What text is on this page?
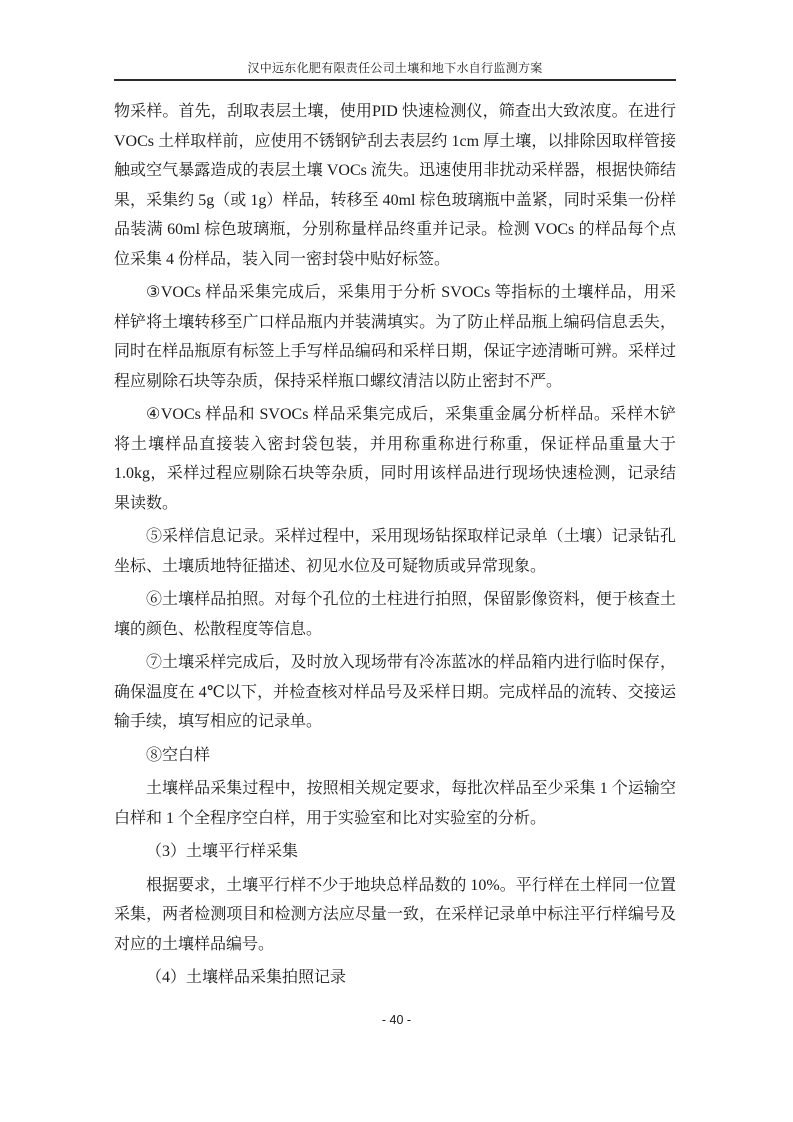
汉中远东化肥有限责任公司土壤和地下水自行监测方案

物采样。首先，刮取表层土壤，使用PID 快速检测仪，筛查出大致浓度。在进行 VOCs 土样取样前，应使用不锈钢铲刮去表层约 1cm 厚土壤，以排除因取样管接触或空气暴露造成的表层土壤 VOCs 流失。迅速使用非扰动采样器，根据快筛结果，采集约 5g（或 1g）样品，转移至 40ml 棕色玻璃瓶中盖紧，同时采集一份样品装满 60ml 棕色玻璃瓶，分别称量样品终重并记录。检测 VOCs 的样品每个点位采集 4 份样品，装入同一密封袋中贴好标签。

③VOCs 样品采集完成后，采集用于分析 SVOCs 等指标的土壤样品，用采样铲将土壤转移至广口样品瓶内并装满填实。为了防止样品瓶上编码信息丢失，同时在样品瓶原有标签上手写样品编码和采样日期，保证字迹清晰可辨。采样过程应剔除石块等杂质，保持采样瓶口螺纹清洁以防止密封不严。

④VOCs 样品和 SVOCs 样品采集完成后，采集重金属分析样品。采样木铲将土壤样品直接装入密封袋包装，并用称重称进行称重，保证样品重量大于 1.0kg，采样过程应剔除石块等杂质，同时用该样品进行现场快速检测，记录结果读数。

⑤采样信息记录。采样过程中，采用现场钻探取样记录单（土壤）记录钻孔坐标、土壤质地特征描述、初见水位及可疑物质或异常现象。

⑥土壤样品拍照。对每个孔位的土柱进行拍照，保留影像资料，便于核查土壤的颜色、松散程度等信息。

⑦土壤采样完成后，及时放入现场带有冷冻蓝冰的样品箱内进行临时保存，确保温度在 4℃以下，并检查核对样品号及采样日期。完成样品的流转、交接运输手续，填写相应的记录单。

⑧空白样

土壤样品采集过程中，按照相关规定要求，每批次样品至少采集 1 个运输空白样和 1 个全程序空白样，用于实验室和比对实验室的分析。

（3）土壤平行样采集

根据要求，土壤平行样不少于地块总样品数的 10%。平行样在土样同一位置采集，两者检测项目和检测方法应尽量一致，在采样记录单中标注平行样编号及对应的土壤样品编号。

（4）土壤样品采集拍照记录

- 40 -
